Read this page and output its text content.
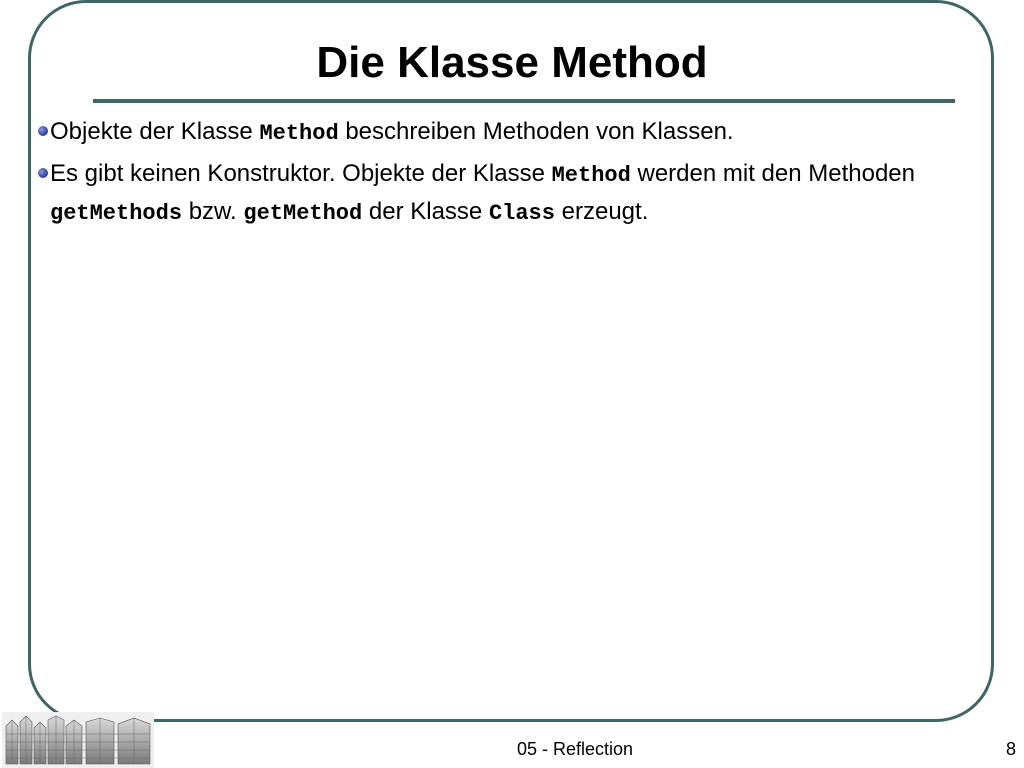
Die Klasse Method
Objekte der Klasse Method beschreiben Methoden von Klassen.
Es gibt keinen Konstruktor. Objekte der Klasse Method werden mit den Methoden getMethods bzw. getMethod der Klasse Class erzeugt.
05 - Reflection	8
